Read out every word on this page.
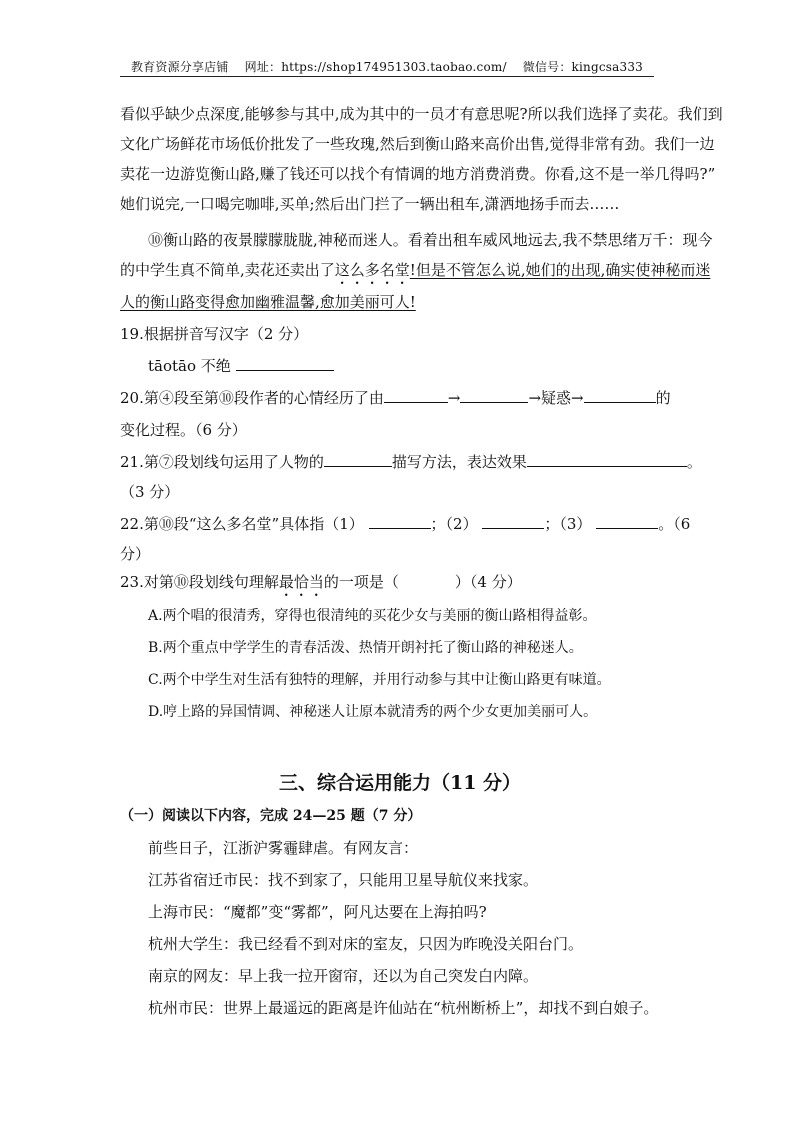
教育资源分享店铺 网址：https://shop174951303.taobao.com/ 微信号：kingcsa333
看似乎缺少点深度,能够参与其中,成为其中的一员才有意思呢?所以我们选择了卖花。我们到
文化广场鲜花市场低价批发了一些玫瑰,然后到衡山路来高价出售,觉得非常有劲。我们一边
卖花一边游览衡山路,赚了钱还可以找个有情调的地方消费消费。你看,这不是一举几得吗?”
她们说完,一口喝完咖啡,买单;然后出门拦了一辆出租车,潇洒地扬手而去……
⑩衡山路的夜景朦朦胧胧,神秘而迷人。看着出租车威风地远去,我不禁思绪万千：现今
的中学生真不简单,卖花还卖出了这么多名堂!但是不管怎么说,她们的出现,确实使神秘而迷
人的衡山路变得愈加幽雅温馨,愈加美丽可人!
19.根据拼音写汉字（2 分）
tāotāo 不绝
20.第④段至第⑩段作者的心情经历了由	→	→疑惑→	的
变化过程。（6 分）
21.第⑦段划线句运用了人物的	描写方法，表达效果	。
（3 分）
22.第⑩段“这么多名堂”具体指（1）	；（2）	；（3）	。（6
分）
23.对第⑩段划线句理解最恰当的一项是（	）（4 分）
A.两个唱的很清秀，穿得也很清纯的买花少女与美丽的衡山路相得益彰。
B.两个重点中学学生的青春活泼、热情开朗衬托了衡山路的神秘迷人。
C.两个中学生对生活有独特的理解，并用行动参与其中让衡山路更有味道。
D.哼上路的异国情调、神秘迷人让原本就清秀的两个少女更加美丽可人。
三、综合运用能力（11 分）
（一）阅读以下内容，完成 24—25 题（7 分）
前些日子，江浙沪雾霾肆虐。有网友言：
江苏省宿迁市民：找不到家了，只能用卫星导航仪来找家。
上海市民：“魔都”变“雾都”，阿凡达要在上海拍吗?
杭州大学生：我已经看不到对床的室友，只因为昨晚没关阳台门。
南京的网友：早上我一拉开窗帘，还以为自己突发白内障。
杭州市民：世界上最遥远的距离是许仙站在“杭州断桥上”，却找不到白娘子。
